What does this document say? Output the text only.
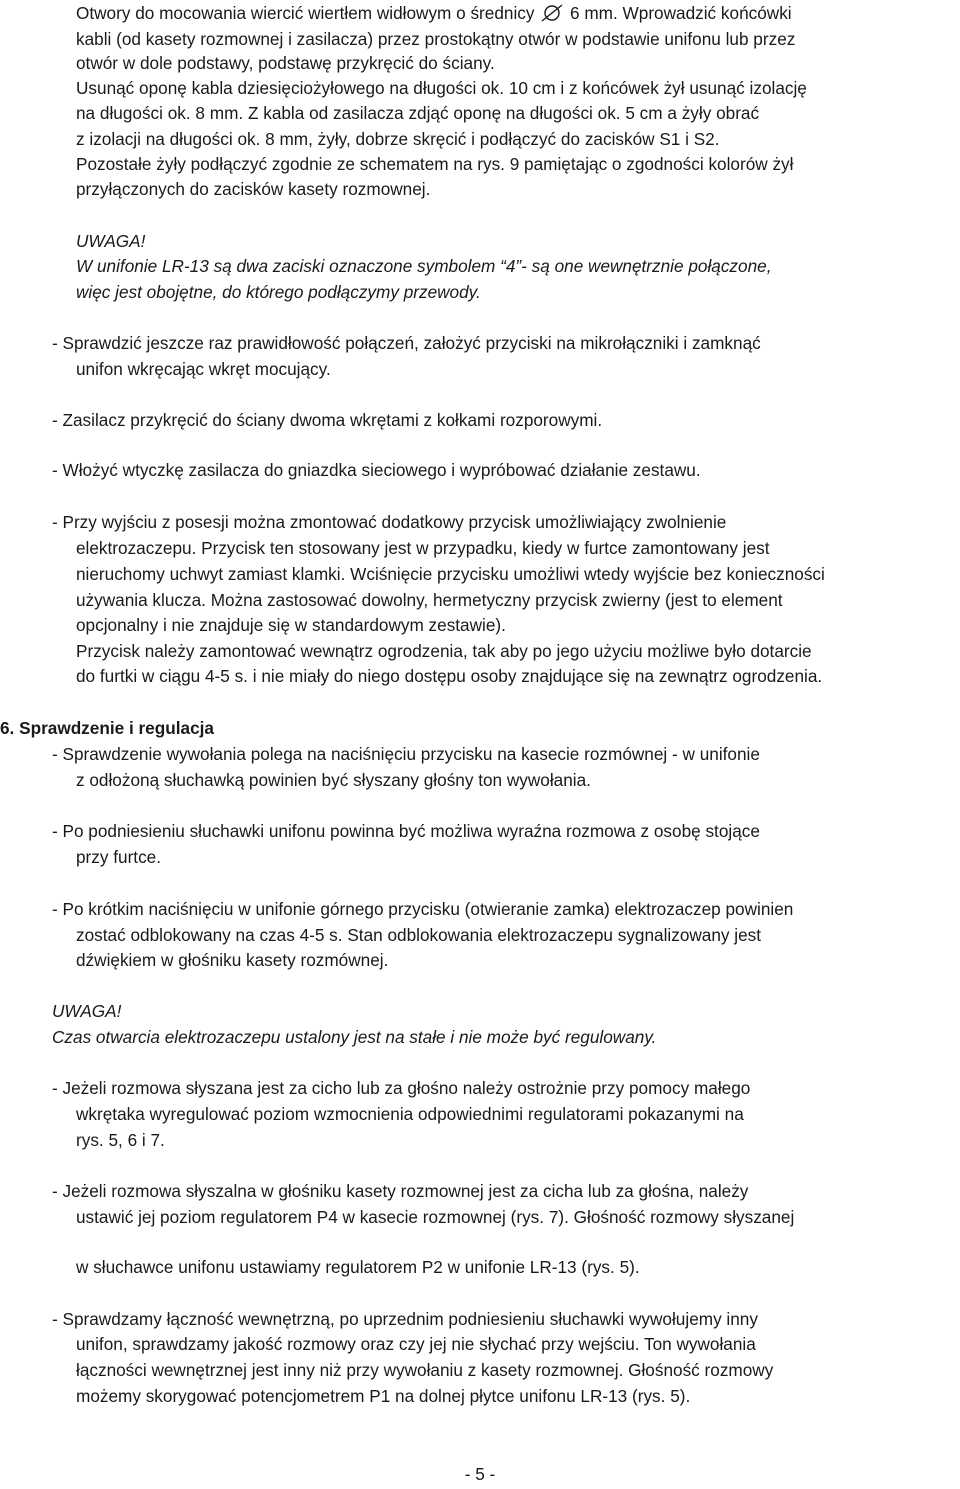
Otwory do mocowania wiercić wiertłem widłowym o średnicy  6 mm. Wprowadzić końcówki
kabli (od kasety rozmownej i zasilacza) przez prostokątny otwór w podstawie unifonu lub przez
otwór w dole podstawy, podstawę przykręcić do ściany.
Usunąć oponę kabla dziesięciożyłowego na długości ok. 10 cm i z końcówek żył usunąć izolację
na długości ok. 8 mm. Z kabla od zasilacza zdjąć oponę na długości ok. 5 cm a żyły obrać
z izolacji na długości ok. 8 mm, żyły, dobrze skręcić i podłączyć do zacisków S1 i S2.
Pozostałe żyły podłączyć zgodnie ze schematem na rys. 9 pamiętając o zgodności kolorów żył
przyłączonych do zacisków kasety rozmownej.
UWAGA!
W unifonie LR-13 są dwa zaciski oznaczone symbolem “4”- są one wewnętrznie połączone,
więc jest obojętne, do którego podłączymy przewody.
- Sprawdzić jeszcze raz prawidłowość połączeń, założyć przyciski na mikrołączniki i zamknąć
unifon wkręcając wkręt mocujący.
- Zasilacz przykręcić do ściany dwoma wkrętami z kołkami rozporowymi.
- Włożyć wtyczkę zasilacza do gniazdka sieciowego i wypróbować działanie zestawu.
- Przy wyjściu z posesji można zmontować dodatkowy przycisk umożliwiający zwolnienie
elektrozaczepu. Przycisk ten stosowany jest w przypadku, kiedy w furtce zamontowany jest
nieruchomy uchwyt zamiast klamki. Wciśnięcie przycisku umożliwi wtedy wyjście bez konieczności
używania klucza. Można zastosować dowolny, hermetyczny przycisk zwierny (jest to element
opcjonalny i nie znajduje się w standardowym zestawie).
Przycisk należy zamontować wewnątrz ogrodzenia, tak aby po jego użyciu możliwe było dotarcie
do furtki w ciągu 4-5 s. i nie miały do niego dostępu osoby znajdujące się na zewnątrz ogrodzenia.
6. Sprawdzenie i regulacja
- Sprawdzenie wywołania polega na naciśnięciu przycisku na kasecie rozmównej - w unifonie
z odłożoną słuchawką powinien być słyszany głośny ton wywołania.
- Po podniesieniu słuchawki unifonu powinna być możliwa wyraźna rozmowa z osobę stojące
przy furtce.
- Po krótkim naciśnięciu w unifonie górnego przycisku (otwieranie zamka) elektrozaczep powinien
zostać odblokowany na czas 4-5 s. Stan odblokowania elektrozaczepu sygnalizowany jest
dźwiękiem w głośniku kasety rozmównej.
UWAGA!
Czas otwarcia elektrozaczepu ustalony jest na stałe i nie może być regulowany.
- Jeżeli rozmowa słyszana jest za cicho lub za głośno należy ostrożnie przy pomocy małego
wkrętaka wyregulować poziom wzmocnienia odpowiednimi regulatorami pokazanymi na
rys. 5, 6 i 7.
- Jeżeli rozmowa słyszalna w głośniku kasety rozmownej jest za cicha lub za głośna, należy
ustawić jej poziom regulatorem P4 w kasecie rozmownej (rys. 7). Głośność rozmowy słyszanej
w słuchawce unifonu ustawiamy regulatorem P2 w unifonie LR-13 (rys. 5).
- Sprawdzamy łączność wewnętrzną, po uprzednim podniesieniu słuchawki wywołujemy inny
unifon, sprawdzamy jakość rozmowy oraz czy jej nie słychać przy wejściu. Ton wywołania
łączności wewnętrznej jest inny niż przy wywołaniu z kasety rozmownej. Głośność rozmowy
możemy skorygować potencjometrem P1 na dolnej płytce unifonu LR-13 (rys. 5).
- 5 -
